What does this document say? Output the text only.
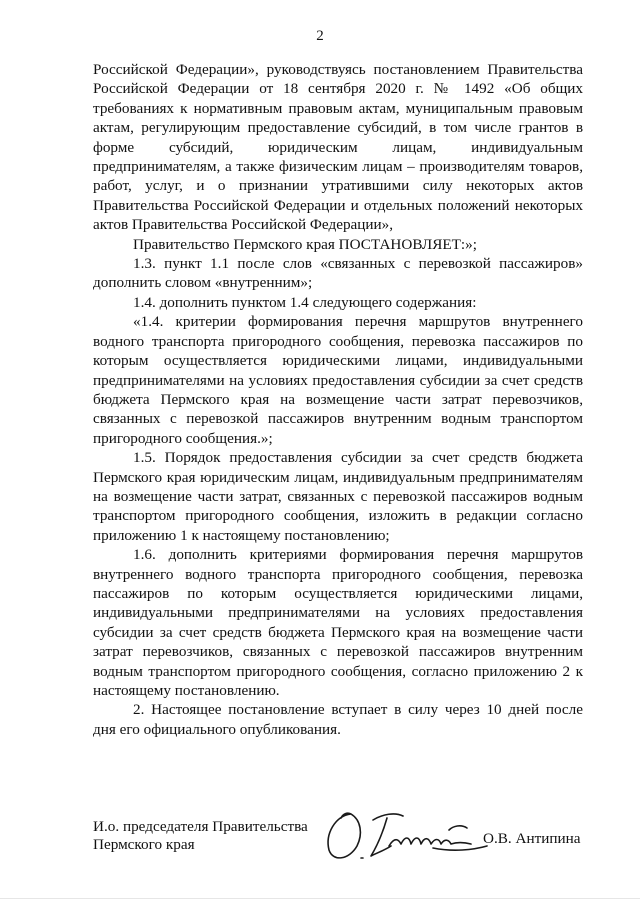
2

Российской Федерации», руководствуясь постановлением Правительства Российской Федерации от 18 сентября 2020 г. № 1492 «Об общих требованиях к нормативным правовым актам, муниципальным правовым актам, регулирующим предоставление субсидий, в том числе грантов в форме субсидий, юридическим лицам, индивидуальным предпринимателям, а также физическим лицам – производителям товаров, работ, услуг, и о признании утратившими силу некоторых актов Правительства Российской Федерации и отдельных положений некоторых актов Правительства Российской Федерации»,

Правительство Пермского края ПОСТАНОВЛЯЕТ:»;

1.3. пункт 1.1 после слов «связанных с перевозкой пассажиров» дополнить словом «внутренним»;

1.4. дополнить пунктом 1.4 следующего содержания:

«1.4. критерии формирования перечня маршрутов внутреннего водного транспорта пригородного сообщения, перевозка пассажиров по которым осуществляется юридическими лицами, индивидуальными предпринимателями на условиях предоставления субсидии за счет средств бюджета Пермского края на возмещение части затрат перевозчиков, связанных с перевозкой пассажиров внутренним водным транспортом пригородного сообщения.»;

1.5. Порядок предоставления субсидии за счет средств бюджета Пермского края юридическим лицам, индивидуальным предпринимателям на возмещение части затрат, связанных с перевозкой пассажиров водным транспортом пригородного сообщения, изложить в редакции согласно приложению 1 к настоящему постановлению;

1.6. дополнить критериями формирования перечня маршрутов внутреннего водного транспорта пригородного сообщения, перевозка пассажиров по которым осуществляется юридическими лицами, индивидуальными предпринимателями на условиях предоставления субсидии за счет средств бюджета Пермского края на возмещение части затрат перевозчиков, связанных с перевозкой пассажиров внутренним водным транспортом пригородного сообщения, согласно приложению 2 к настоящему постановлению.

2. Настоящее постановление вступает в силу через 10 дней после дня его официального опубликования.

И.о. председателя Правительства
Пермского края	О.В. Антипина
